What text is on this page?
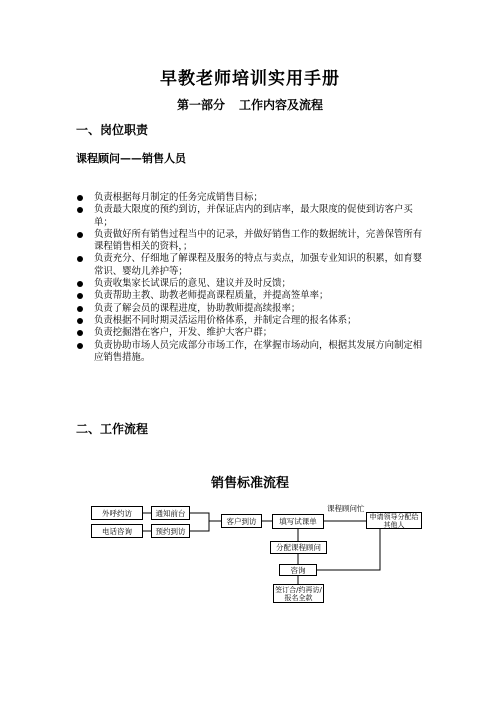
早教老师培训实用手册
第一部分 工作内容及流程
一、岗位职责
课程顾问——销售人员
负责根据每月制定的任务完成销售目标；
负责最大限度的预约到访，并保证店内的到店率，最大限度的促使到访客户买单；
负责做好所有销售过程当中的记录，并做好销售工作的数据统计，完善保管所有课程销售相关的资料，；
负责充分、仔细地了解课程及服务的特点与卖点，加强专业知识的积累，如育婴常识、婴幼儿养护等；
负责收集家长试课后的意见、建议并及时反馈；
负责帮助主教、助教老师提高课程质量，并提高签单率；
负责了解会员的课程进度，协助教师提高续报率；
负责根据不同时期灵活运用价格体系，并制定合理的报名体系；
负责挖掘潜在客户，开发、维护大客户群；
负责协助市场人员完成部分市场工作，在掌握市场动向，根据其发展方向制定相应销售措施。
二、工作流程
销售标准流程
外呼约访
电话咨询
通知前台
预约到访
客户到访	填写试课单
申请领导分配给其他人
分配课程顾问
咨询
签订合/约再访/报名全款
课程顾问忙
